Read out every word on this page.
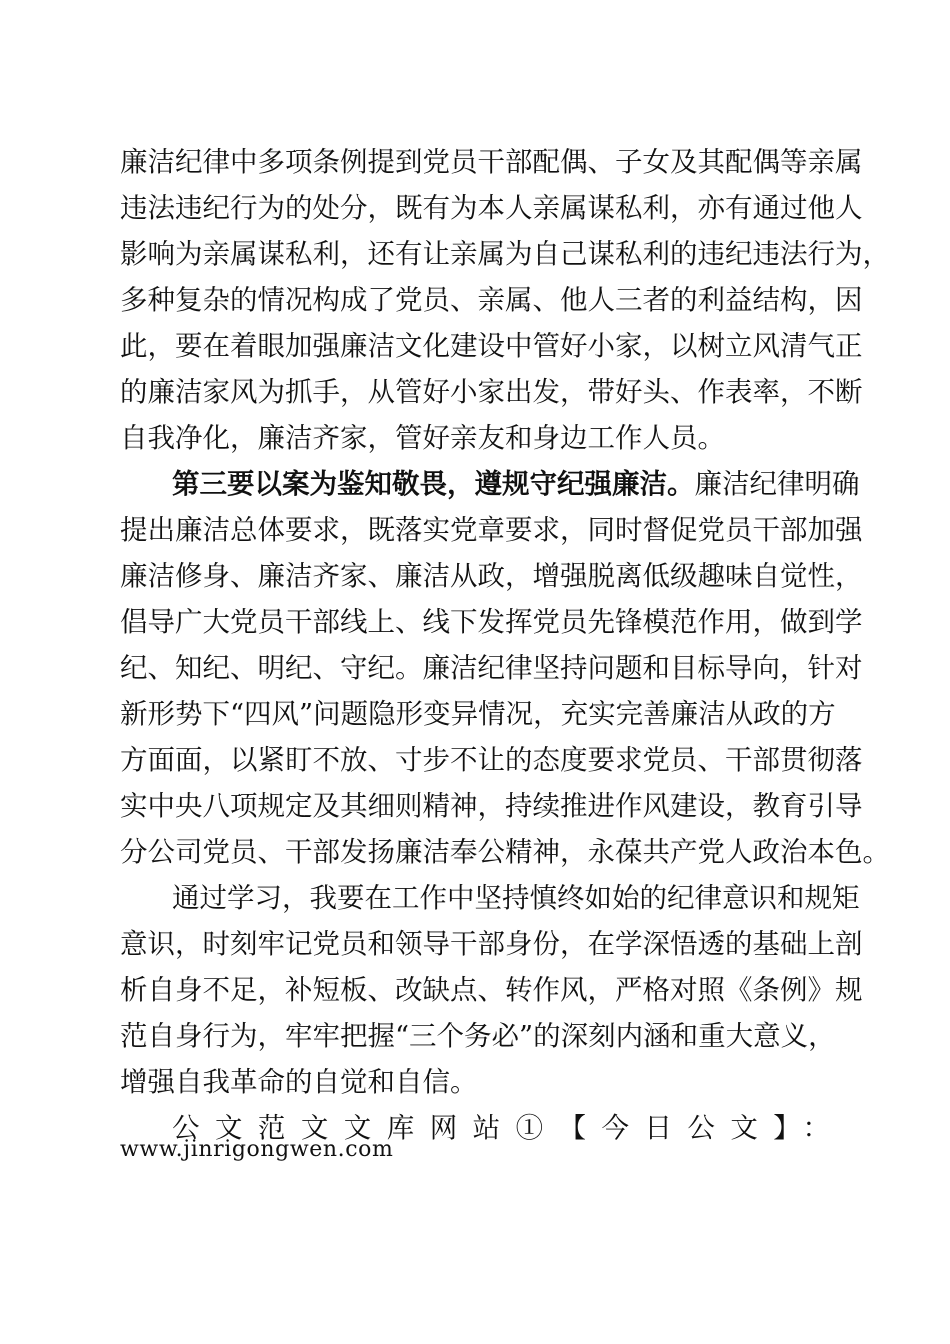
廉洁纪律中多项条例提到党员干部配偶、子女及其配偶等亲属
违法违纪行为的处分，既有为本人亲属谋私利，亦有通过他人
影响为亲属谋私利，还有让亲属为自己谋私利的违纪违法行为，
多种复杂的情况构成了党员、亲属、他人三者的利益结构，因
此，要在着眼加强廉洁文化建设中管好小家，以树立风清气正
的廉洁家风为抓手，从管好小家出发，带好头、作表率，不断
自我净化，廉洁齐家，管好亲友和身边工作人员。
第三要以案为鉴知敬畏，遵规守纪强廉洁。廉洁纪律明确
提出廉洁总体要求，既落实党章要求，同时督促党员干部加强
廉洁修身、廉洁齐家、廉洁从政，增强脱离低级趣味自觉性，
倡导广大党员干部线上、线下发挥党员先锋模范作用，做到学
纪、知纪、明纪、守纪。廉洁纪律坚持问题和目标导向，针对
新形势下“四风”问题隐形变异情况，充实完善廉洁从政的方
方面面，以紧盯不放、寸步不让的态度要求党员、干部贯彻落
实中央八项规定及其细则精神，持续推进作风建设，教育引导
分公司党员、干部发扬廉洁奉公精神，永葆共产党人政治本色。
通过学习，我要在工作中坚持慎终如始的纪律意识和规矩
意识，时刻牢记党员和领导干部身份，在学深悟透的基础上剖
析自身不足，补短板、改缺点、转作风，严格对照《条例》规
范自身行为，牢牢把握“三个务必”的深刻内涵和重大意义，
增强自我革命的自觉和自信。
公文范文文库网站①【今日公文】：
www.jinrigongwen.com
